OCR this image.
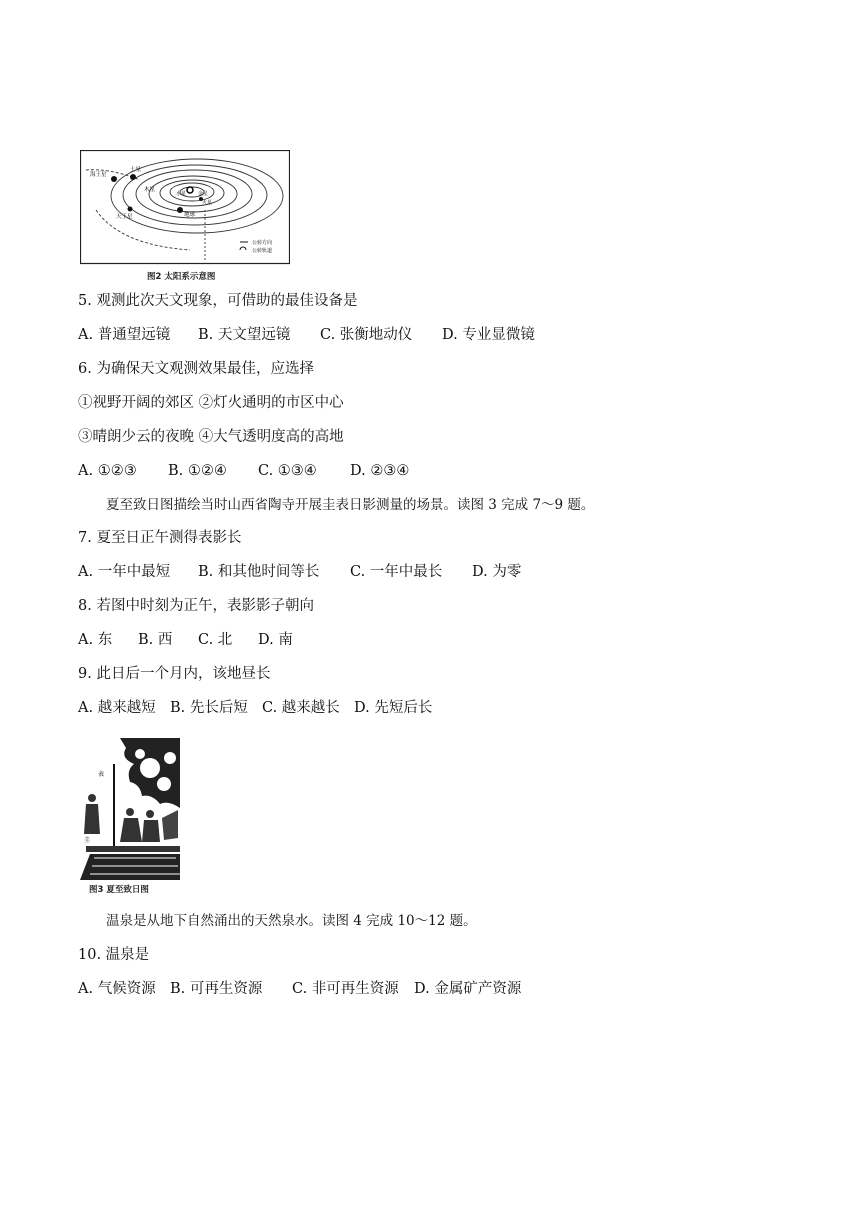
海王星
土星
木星
水星 金星
天王星
火星
地球
公转方向
公转轨道
图2 太阳系示意图
5. 观测此次天文现象，可借助的最佳设备是
A. 普通望远镜 B. 天文望远镜 C. 张衡地动仪 D. 专业显微镜
6. 为确保天文观测效果最佳，应选择
①视野开阔的郊区 ②灯火通明的市区中心
③晴朗少云的夜晚 ④大气透明度高的高地
A. ①②③ B. ①②④ C. ①③④ D. ②③④
夏至致日图描绘当时山西省陶寺开展圭表日影测量的场景。读图 3 完成 7～9 题。
7. 夏至日正午测得表影长
A. 一年中最短 B. 和其他时间等长 C. 一年中最长 D. 为零
8. 若图中时刻为正午，表影影子朝向
A. 东 B. 西 C. 北 D. 南
9. 此日后一个月内，该地昼长
A. 越来越短 B. 先长后短 C. 越来越长 D. 先短后长
表
圭
图3 夏至致日图
温泉是从地下自然涌出的天然泉水。读图 4 完成 10～12 题。
10. 温泉是
A. 气候资源 B. 可再生资源 C. 非可再生资源 D. 金属矿产资源
